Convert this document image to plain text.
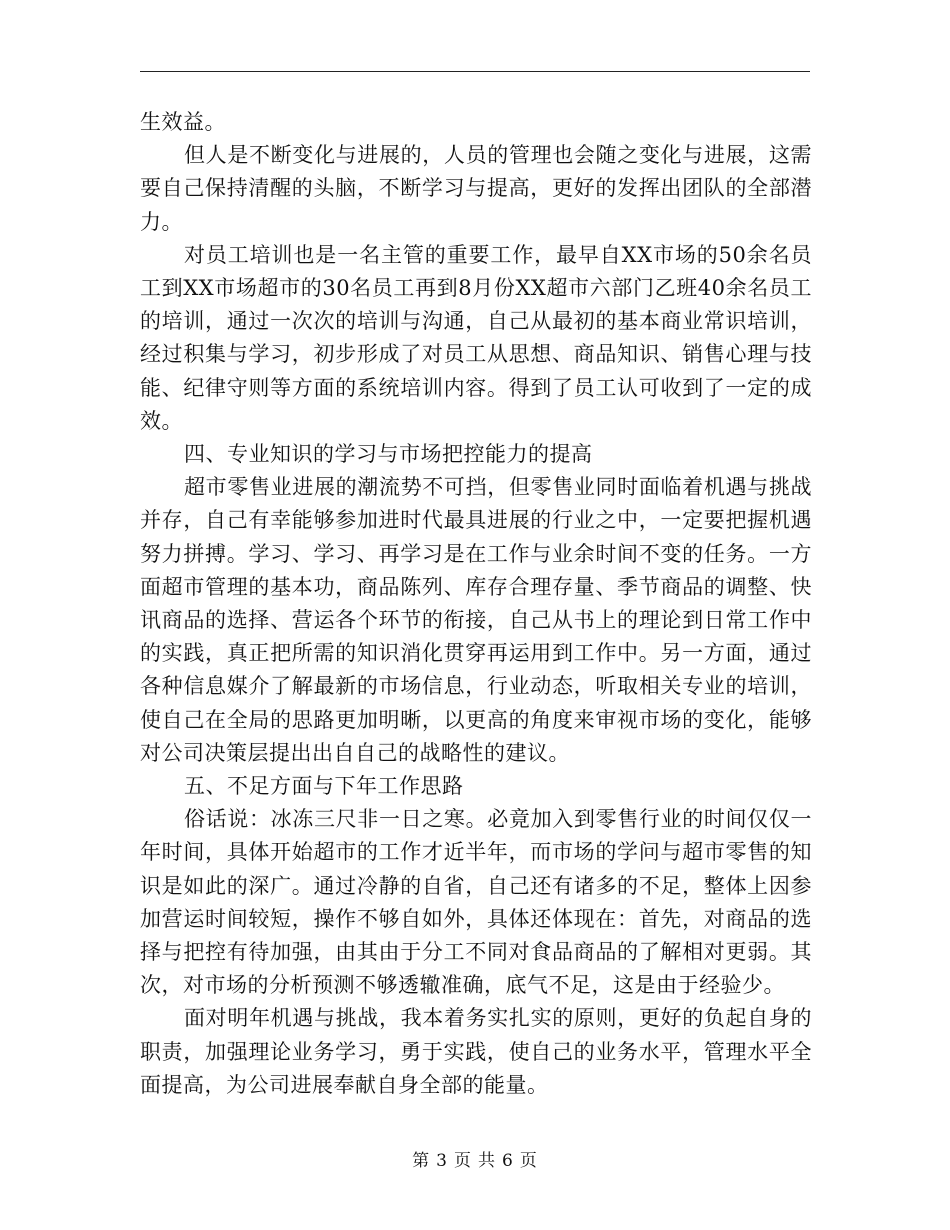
生效益。

但人是不断变化与进展的，人员的管理也会随之变化与进展，这需要自己保持清醒的头脑，不断学习与提高，更好的发挥出团队的全部潜力。

对员工培训也是一名主管的重要工作，最早自XX市场的50余名员工到XX市场超市的30名员工再到8月份XX超市六部门乙班40余名员工的培训，通过一次次的培训与沟通，自己从最初的基本商业常识培训，经过积集与学习，初步形成了对员工从思想、商品知识、销售心理与技能、纪律守则等方面的系统培训内容。得到了员工认可收到了一定的成效。

四、专业知识的学习与市场把控能力的提高

超市零售业进展的潮流势不可挡，但零售业同时面临着机遇与挑战并存，自己有幸能够参加进时代最具进展的行业之中，一定要把握机遇努力拼搏。学习、学习、再学习是在工作与业余时间不变的任务。一方面超市管理的基本功，商品陈列、库存合理存量、季节商品的调整、快讯商品的选择、营运各个环节的衔接，自己从书上的理论到日常工作中的实践，真正把所需的知识消化贯穿再运用到工作中。另一方面，通过各种信息媒介了解最新的市场信息，行业动态，听取相关专业的培训，使自己在全局的思路更加明晰，以更高的角度来审视市场的变化，能够对公司决策层提出出自自己的战略性的建议。

五、不足方面与下年工作思路

俗话说：冰冻三尺非一日之寒。必竟加入到零售行业的时间仅仅一年时间，具体开始超市的工作才近半年，而市场的学问与超市零售的知识是如此的深广。通过冷静的自省，自己还有诸多的不足，整体上因参加营运时间较短，操作不够自如外，具体还体现在：首先，对商品的选择与把控有待加强，由其由于分工不同对食品商品的了解相对更弱。其次，对市场的分析预测不够透辙准确，底气不足，这是由于经验少。

面对明年机遇与挑战，我本着务实扎实的原则，更好的负起自身的职责，加强理论业务学习，勇于实践，使自己的业务水平，管理水平全面提高，为公司进展奉献自身全部的能量。

第 3 页 共 6 页
